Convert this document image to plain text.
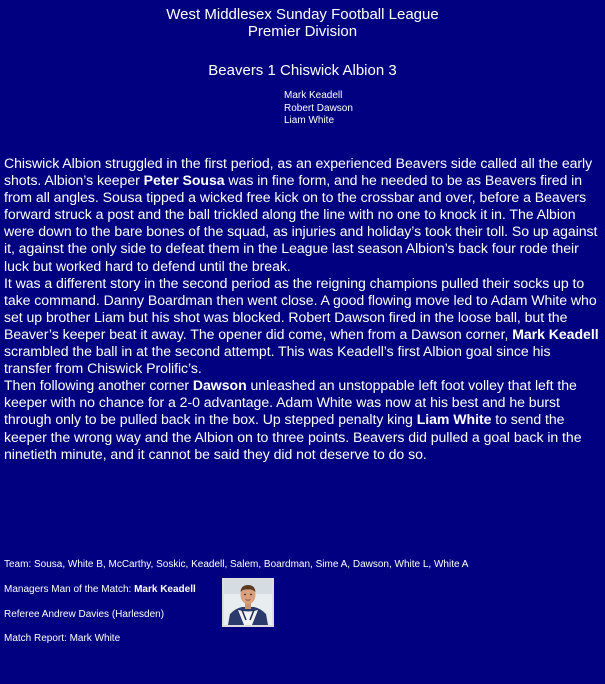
West Middlesex Sunday Football League
Premier Division
Beavers 1 Chiswick Albion 3
Mark Keadell
Robert Dawson
Liam White

Chiswick Albion struggled in the first period, as an experienced Beavers side called all the early shots. Albion’s keeper Peter Sousa was in fine form, and he needed to be as Beavers fired in from all angles. Sousa tipped a wicked free kick on to the crossbar and over, before a Beavers forward struck a post and the ball trickled along the line with no one to knock it in. The Albion were down to the bare bones of the squad, as injuries and holiday’s took their toll. So up against it, against the only side to defeat them in the League last season Albion’s back four rode their luck but worked hard to defend until the break.

It was a different story in the second period as the reigning champions pulled their socks up to take command. Danny Boardman then went close. A good flowing move led to Adam White who set up brother Liam but his shot was blocked. Robert Dawson fired in the loose ball, but the Beaver’s keeper beat it away. The opener did come, when from a Dawson corner, Mark Keadell scrambled the ball in at the second attempt. This was Keadell’s first Albion goal since his transfer from Chiswick Prolific’s.

Then following another corner Dawson unleashed an unstoppable left foot volley that left the keeper with no chance for a 2-0 advantage. Adam White was now at his best and he burst through only to be pulled back in the box. Up stepped penalty king Liam White to send the keeper the wrong way and the Albion on to three points. Beavers did pulled a goal back in the ninetieth minute, and it cannot be said they did not deserve to do so.

Team: Sousa, White B, McCarthy, Soskic, Keadell, Salem, Boardman, Sime A, Dawson, White L, White A
Managers Man of the Match: Mark Keadell
Referee Andrew Davies (Harlesden)
Match Report: Mark White
